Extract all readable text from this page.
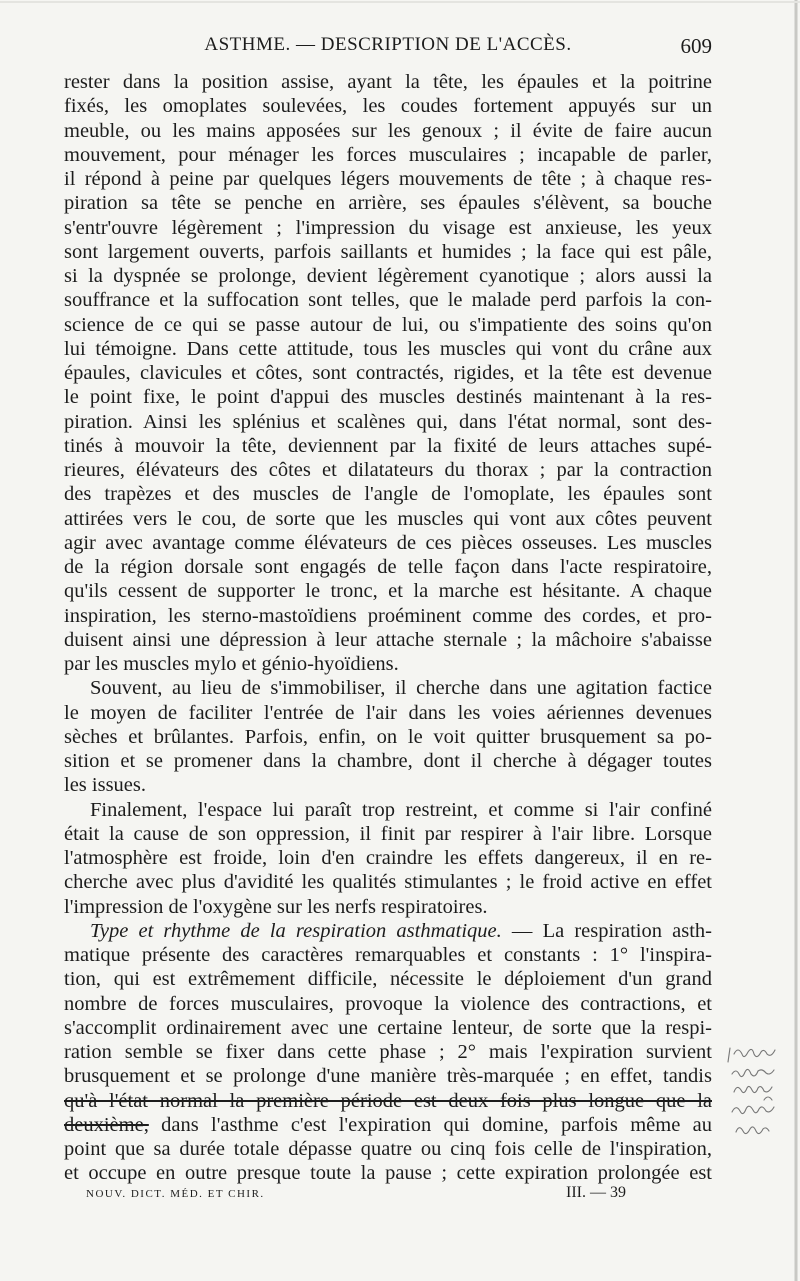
ASTHME. — DESCRIPTION DE L'ACCÈS.	609
rester dans la position assise, ayant la tête, les épaules et la poitrine
fixés, les omoplates soulevées, les coudes fortement appuyés sur un
meuble, ou les mains apposées sur les genoux ; il évite de faire aucun
mouvement, pour ménager les forces musculaires ; incapable de parler,
il répond à peine par quelques légers mouvements de tête ; à chaque res-
piration sa tête se penche en arrière, ses épaules s'élèvent, sa bouche
s'entr'ouvre légèrement ; l'impression du visage est anxieuse, les yeux
sont largement ouverts, parfois saillants et humides ; la face qui est pâle,
si la dyspnée se prolonge, devient légèrement cyanotique ; alors aussi la
souffrance et la suffocation sont telles, que le malade perd parfois la con-
science de ce qui se passe autour de lui, ou s'impatiente des soins qu'on
lui témoigne. Dans cette attitude, tous les muscles qui vont du crâne aux
épaules, clavicules et côtes, sont contractés, rigides, et la tête est devenue
le point fixe, le point d'appui des muscles destinés maintenant à la res-
piration. Ainsi les splénius et scalènes qui, dans l'état normal, sont des-
tinés à mouvoir la tête, deviennent par la fixité de leurs attaches supé-
rieures, élévateurs des côtes et dilatateurs du thorax ; par la contraction
des trapèzes et des muscles de l'angle de l'omoplate, les épaules sont
attirées vers le cou, de sorte que les muscles qui vont aux côtes peuvent
agir avec avantage comme élévateurs de ces pièces osseuses. Les muscles
de la région dorsale sont engagés de telle façon dans l'acte respiratoire,
qu'ils cessent de supporter le tronc, et la marche est hésitante. A chaque
inspiration, les sterno-mastoïdiens proéminent comme des cordes, et pro-
duisent ainsi une dépression à leur attache sternale ; la mâchoire s'abaisse
par les muscles mylo et génio-hyoïdiens.
Souvent, au lieu de s'immobiliser, il cherche dans une agitation factice
le moyen de faciliter l'entrée de l'air dans les voies aériennes devenues
sèches et brûlantes. Parfois, enfin, on le voit quitter brusquement sa po-
sition et se promener dans la chambre, dont il cherche à dégager toutes
les issues.
Finalement, l'espace lui paraît trop restreint, et comme si l'air confiné
était la cause de son oppression, il finit par respirer à l'air libre. Lorsque
l'atmosphère est froide, loin d'en craindre les effets dangereux, il en re-
cherche avec plus d'avidité les qualités stimulantes ; le froid active en effet
l'impression de l'oxygène sur les nerfs respiratoires.
Type et rhythme de la respiration asthmatique. — La respiration asth-
matique présente des caractères remarquables et constants : 1° l'inspira-
tion, qui est extrêmement difficile, nécessite le déploiement d'un grand
nombre de forces musculaires, provoque la violence des contractions, et
s'accomplit ordinairement avec une certaine lenteur, de sorte que la respi-
ration semble se fixer dans cette phase ; 2° mais l'expiration survient
brusquement et se prolonge d'une manière très-marquée ; en effet, tandis
qu'à l'état normal la première période est deux fois plus longue que la
deuxième, dans l'asthme c'est l'expiration qui domine, parfois même au
point que sa durée totale dépasse quatre ou cinq fois celle de l'inspiration,
et occupe en outre presque toute la pause ; cette expiration prolongée est
NOUV. DICT. MÉD. ET CHIR.	III. — 39
